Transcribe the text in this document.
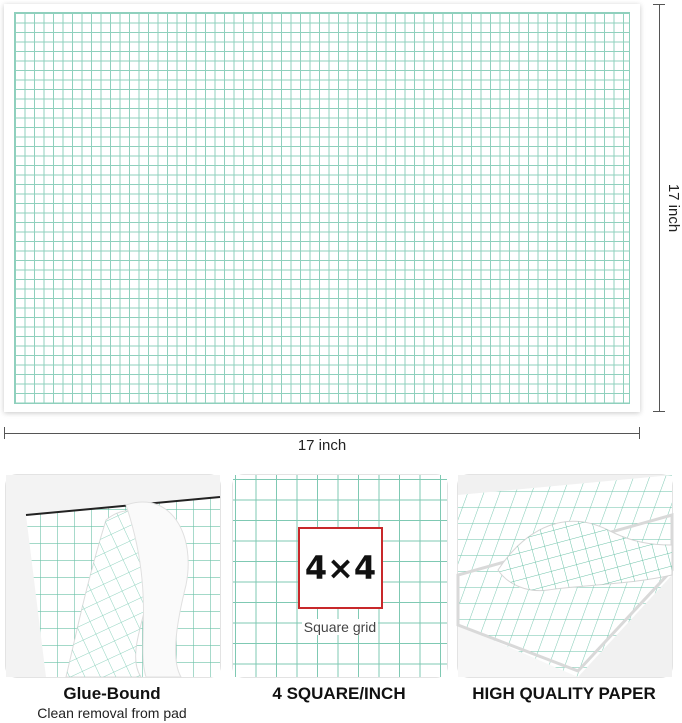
17 inch
17 inch
4×4
Square grid
Glue-Bound
Clean removal from pad
4 SQUARE/INCH	HIGH QUALITY PAPER
